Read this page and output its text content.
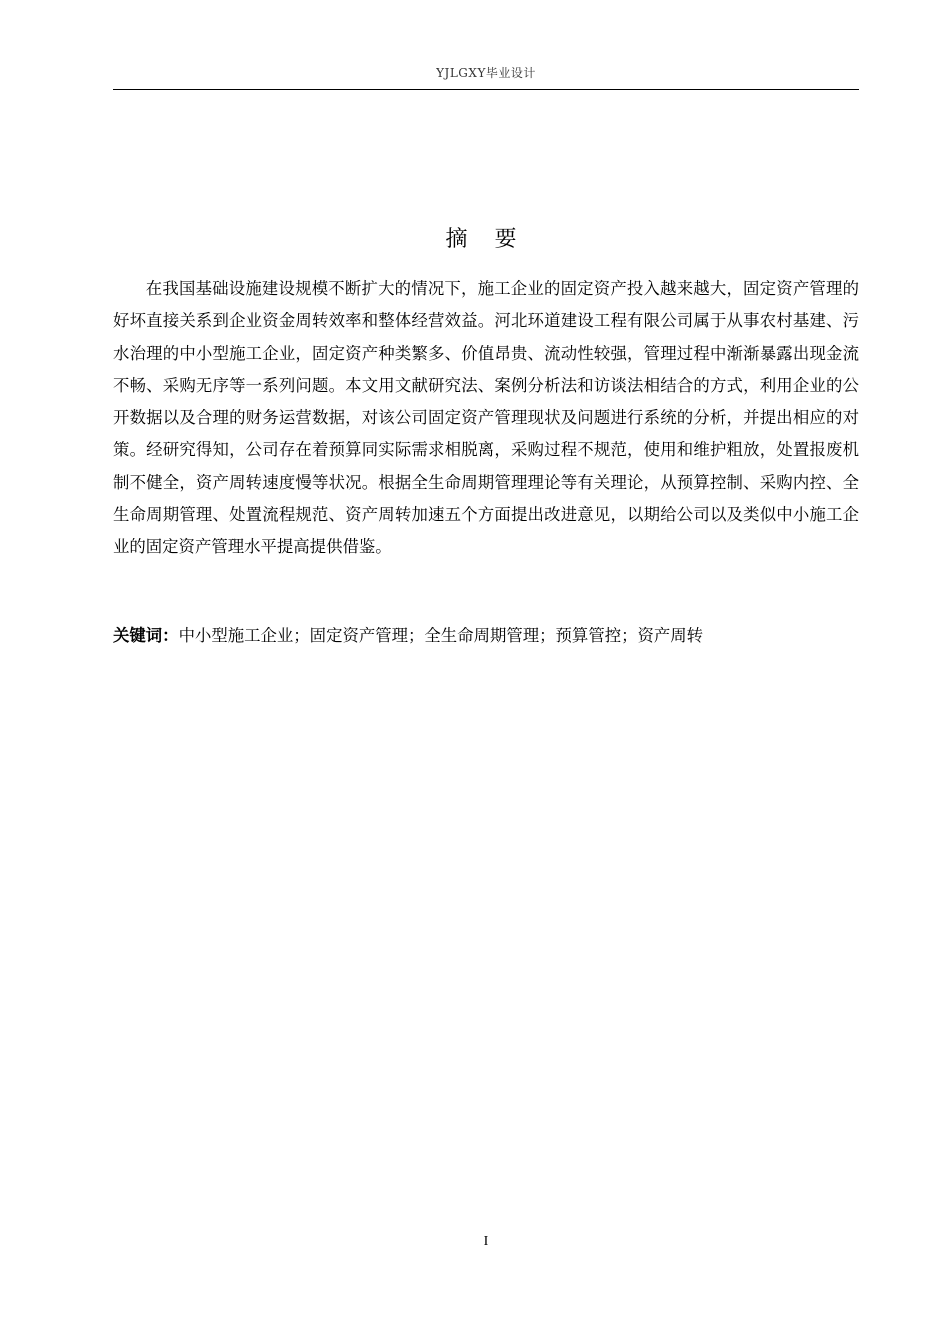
YJLGXY毕业设计
摘 要

在我国基础设施建设规模不断扩大的情况下，施工企业的固定资产投入越来越大，固定资产管理的好坏直接关系到企业资金周转效率和整体经营效益。河北环道建设工程有限公司属于从事农村基建、污水治理的中小型施工企业，固定资产种类繁多、价值昂贵、流动性较强，管理过程中渐渐暴露出现金流不畅、采购无序等一系列问题。本文用文献研究法、案例分析法和访谈法相结合的方式，利用企业的公开数据以及合理的财务运营数据，对该公司固定资产管理现状及问题进行系统的分析，并提出相应的对策。经研究得知，公司存在着预算同实际需求相脱离，采购过程不规范，使用和维护粗放，处置报废机制不健全，资产周转速度慢等状况。根据全生命周期管理理论等有关理论，从预算控制、采购内控、全生命周期管理、处置流程规范、资产周转加速五个方面提出改进意见，以期给公司以及类似中小施工企业的固定资产管理水平提高提供借鉴。

关键词：中小型施工企业；固定资产管理；全生命周期管理；预算管控；资产周转

I
